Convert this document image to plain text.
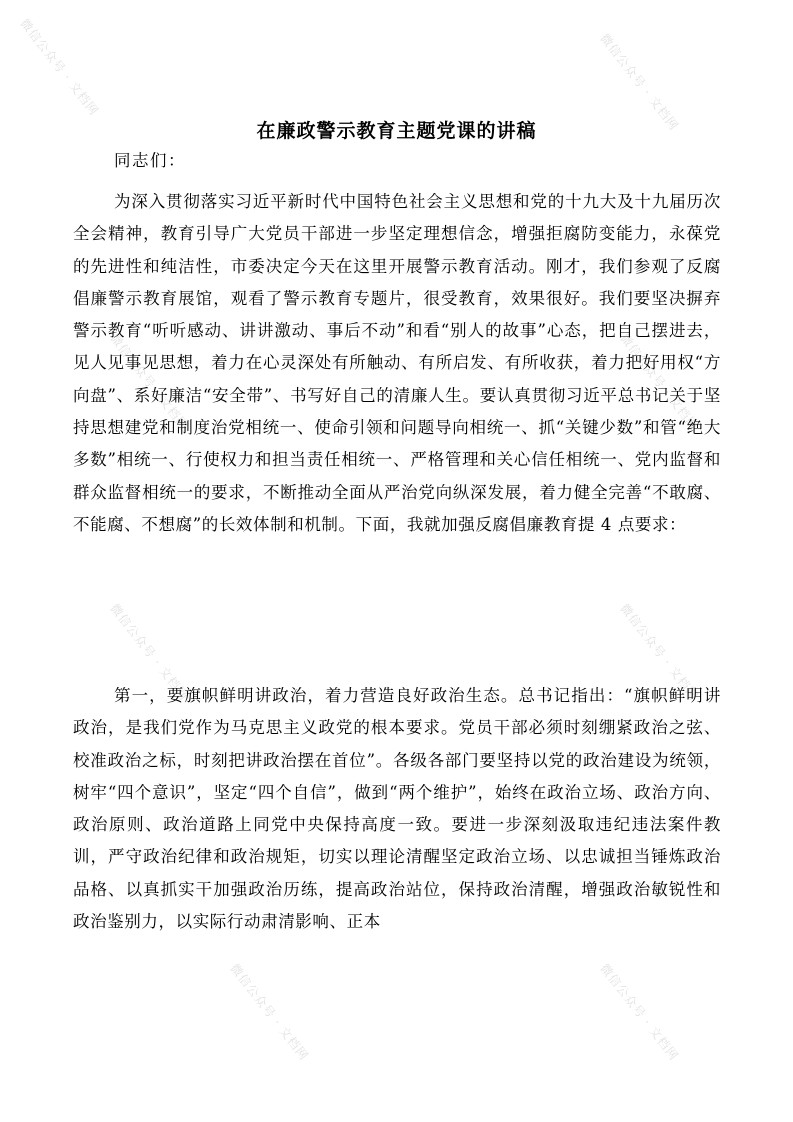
微信公众号 · 文档网	微信公众号 · 文档网
微信公众号 · 文档网	微信公众号 · 文档网
微信公众号 · 文档网	微信公众号 · 文档网
微信公众号 · 文档网	微信公众号 · 文档网
在廉政警示教育主题党课的讲稿
同志们：

为深入贯彻落实习近平新时代中国特色社会主义思想和党的十九大及十九届历次全会精神，教育引导广大党员干部进一步坚定理想信念，增强拒腐防变能力，永葆党的先进性和纯洁性，市委决定今天在这里开展警示教育活动。刚才，我们参观了反腐倡廉警示教育展馆，观看了警示教育专题片，很受教育，效果很好。我们要坚决摒弃警示教育“听听感动、讲讲激动、事后不动”和看“别人的故事”心态，把自己摆进去，见人见事见思想，着力在心灵深处有所触动、有所启发、有所收获，着力把好用权“方向盘”、系好廉洁“安全带”、书写好自己的清廉人生。要认真贯彻习近平总书记关于坚持思想建党和制度治党相统一、使命引领和问题导向相统一、抓“关键少数”和管“绝大多数”相统一、行使权力和担当责任相统一、严格管理和关心信任相统一、党内监督和群众监督相统一的要求，不断推动全面从严治党向纵深发展，着力健全完善“不敢腐、不能腐、不想腐”的长效体制和机制。下面，我就加强反腐倡廉教育提 4 点要求：

第一，要旗帜鲜明讲政治，着力营造良好政治生态。总书记指出：“旗帜鲜明讲政治，是我们党作为马克思主义政党的根本要求。党员干部必须时刻绷紧政治之弦、校准政治之标，时刻把讲政治摆在首位”。各级各部门要坚持以党的政治建设为统领，树牢“四个意识”，坚定“四个自信”，做到“两个维护”，始终在政治立场、政治方向、政治原则、政治道路上同党中央保持高度一致。要进一步深刻汲取违纪违法案件教训，严守政治纪律和政治规矩，切实以理论清醒坚定政治立场、以忠诚担当锤炼政治品格、以真抓实干加强政治历练，提高政治站位，保持政治清醒，增强政治敏锐性和政治鉴别力，以实际行动肃清影响、正本
